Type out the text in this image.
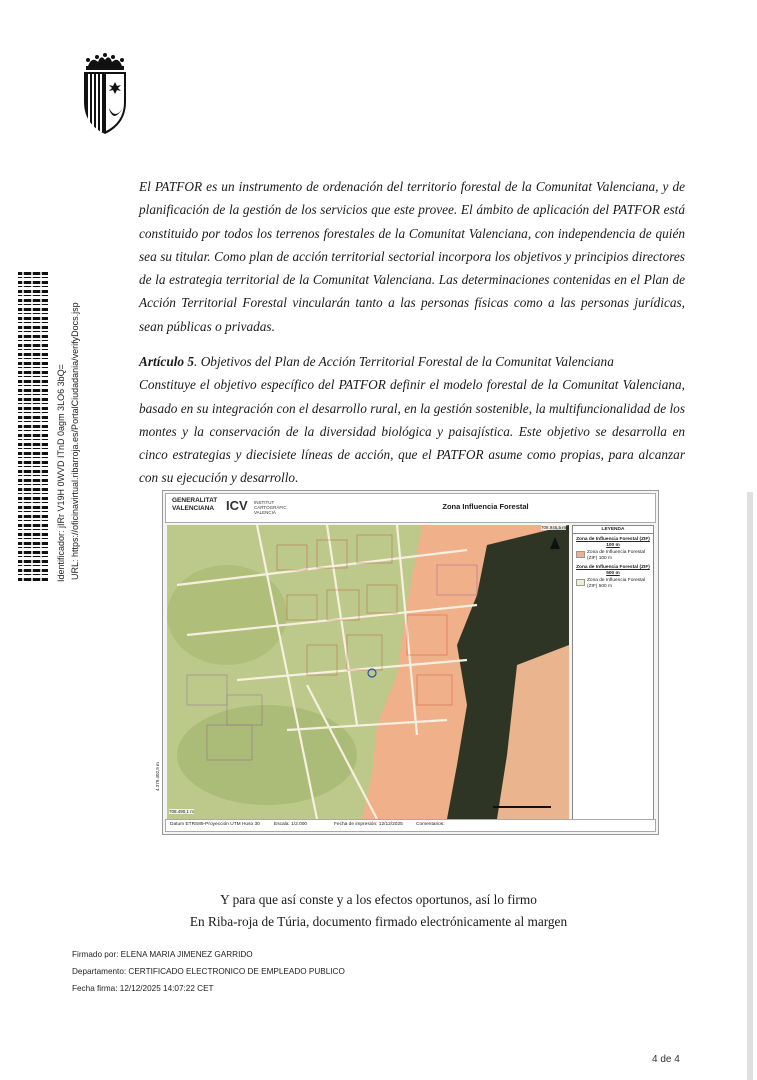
Identificador: jIRr V19H 0WVD ITnD 0agm 3LO6 3bQ= URL: https://oficinavirtual.ribarroja.es/PortalCiudadania/verifyDocs.jsp

El PATFOR es un instrumento de ordenación del territorio forestal de la Comunitat Valenciana, y de planificación de la gestión de los servicios que este provee. El ámbito de aplicación del PATFOR está constituido por todos los terrenos forestales de la Comunitat Valenciana, con independencia de quién sea su titular. Como plan de acción territorial sectorial incorpora los objetivos y principios directores de la estrategia territorial de la Comunitat Valenciana. Las determinaciones contenidas en el Plan de Acción Territorial Forestal vincularán tanto a las personas físicas como a las personas jurídicas, sean públicas o privadas.

Artículo 5. Objetivos del Plan de Acción Territorial Forestal de la Comunitat Valenciana
Constituye el objetivo específico del PATFOR definir el modelo forestal de la Comunitat Valenciana, basado en su integración con el desarrollo rural, en la gestión sostenible, la multifuncionalidad de los montes y la conservación de la diversidad biológica y paisajística. Este objetivo se desarrolla en cinco estrategias y diecisiete líneas de acción, que el PATFOR asume como propias, para alcanzar con su ejecución y desarrollo.

GENERALITAT
VALENCIANA ICV INSTITUT
CARTOGRÀFIC
VALENCIÀ
Zona Influencia Forestal
708.946,5 m
708.490,1 m
4.379.402,9 m
LEYENDA
Zona de Influencia Forestal (ZIF) 100 m
Zona de Influencia Forestal (ZIF) 100 m
Zona de Influencia Forestal (ZIF) 500 m
Zona de Influencia Forestal (ZIF) 500 m
Datum ETRS89-Proyección UTM Huso 30	Escala: 1/2.000	Fecha de impresión: 12/12/2025	Comentarios:
Y para que así conste y a los efectos oportunos, así lo firmo
En Riba-roja de Túria, documento firmado electrónicamente al margen
Firmado por: ELENA MARIA JIMENEZ GARRIDO
Departamento: CERTIFICADO ELECTRONICO DE EMPLEADO PUBLICO
Fecha firma: 12/12/2025 14:07:22 CET
4 de 4
